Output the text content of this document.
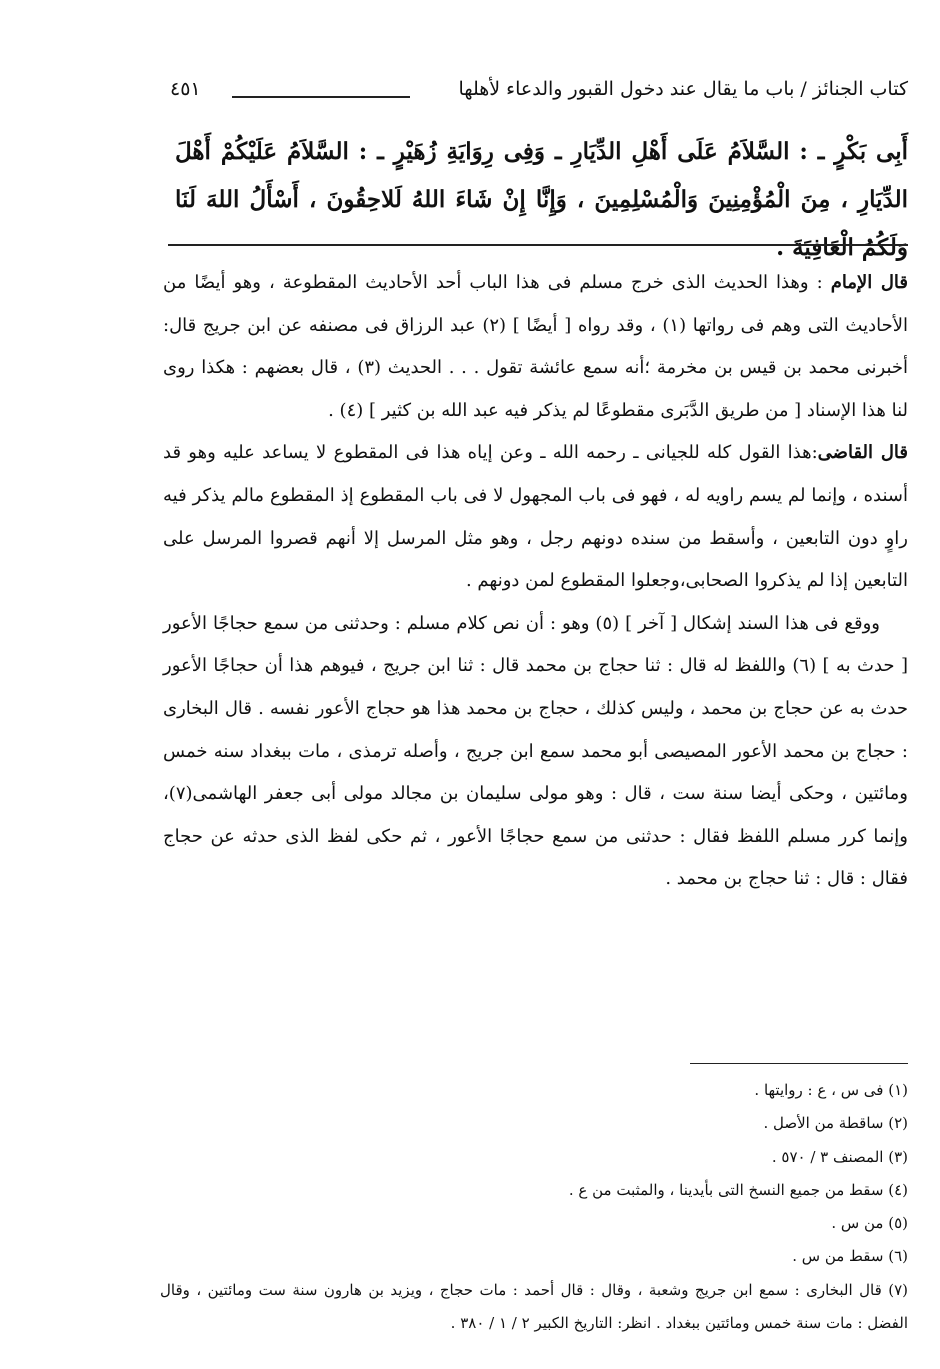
كتاب الجنائز / باب ما يقال عند دخول القبور والدعاء لأهلها
٤٥١
أَبِى بَكْرٍ ـ : السَّلاَمُ عَلَى أَهْلِ الدِّيَارِ ـ وَفِى رِوَايَةِ زُهَيْرٍ ـ : السَّلاَمُ عَلَيْكُمْ أَهْلَ الدِّيَارِ ، مِنَ الْمُؤْمِنِينَ وَالْمُسْلِمِينَ ، وَإِنَّا إِنْ شَاءَ اللهُ لَلاحِقُونَ ، أَسْأَلُ اللهَ لَنَا وَلَكُمُ الْعَافِيَةَ .

قال الإمام : وهذا الحديث الذى خرج مسلم فى هذا الباب أحد الأحاديث المقطوعة ، وهو أيضًا من الأحاديث التى وهم فى رواتها (١) ، وقد رواه [ أيضًا ] (٢) عبد الرزاق فى مصنفه عن ابن جريج قال: أخبرنى محمد بن قيس بن مخرمة ؛أنه سمع عائشة تقول . . . الحديث (٣) ، قال بعضهم : هكذا روى لنا هذا الإسناد [ من طريق الدَّبَرى مقطوعًا لم يذكر فيه عبد الله بن كثير ] (٤) .

قال القاضى:هذا القول كله للجيانى ـ رحمه الله ـ وعن إياه هذا فى المقطوع لا يساعد عليه وهو قد أسنده ، وإنما لم يسم راويه له ، فهو فى باب المجهول لا فى باب المقطوع إذ المقطوع مالم يذكر فيه راوٍ دون التابعين ، وأسقط من سنده دونهم رجل ، وهو مثل المرسل إلا أنهم قصروا المرسل على التابعين إذا لم يذكروا الصحابى،وجعلوا المقطوع لمن دونهم .

ووقع فى هذا السند إشكال [ آخر ] (٥) وهو : أن نص كلام مسلم : وحدثنى من سمع حجاجًا الأعور [ حدث به ] (٦) واللفظ له قال : ثنا حجاج بن محمد قال : ثنا ابن جريج ، فيوهم هذا أن حجاجًا الأعور حدث به عن حجاج بن محمد ، وليس كذلك ، حجاج بن محمد هذا هو حجاج الأعور نفسه . قال البخارى : حجاج بن محمد الأعور المصيصى أبو محمد سمع ابن جريج ، وأصله ترمذى ، مات ببغداد سنه خمس ومائتين ، وحكى أيضا سنة ست ، قال : وهو مولى سليمان بن مجالد مولى أبى جعفر الهاشمى(٧)، وإنما كرر مسلم اللفظ فقال : حدثنى من سمع حجاجًا الأعور ، ثم حكى لفظ الذى حدثه عن حجاج فقال : قال : ثنا حجاج بن محمد .

(١) فى س ، ع : روايتها .
(٢) ساقطة من الأصل .
(٣) المصنف ٣ / ٥٧٠ .
(٤) سقط من جميع النسخ التى بأيدينا ، والمثبت من ع .
(٥) من س .
(٦) سقط من س .
(٧) قال البخارى : سمع ابن جريج وشعبة ، وقال : قال أحمد : مات حجاج ، ويزيد بن هارون سنة ست ومائتين ، وقال الفضل : مات سنة خمس ومائتين ببغداد . انظر: التاريخ الكبير ٢ / ١ / ٣٨٠ .
